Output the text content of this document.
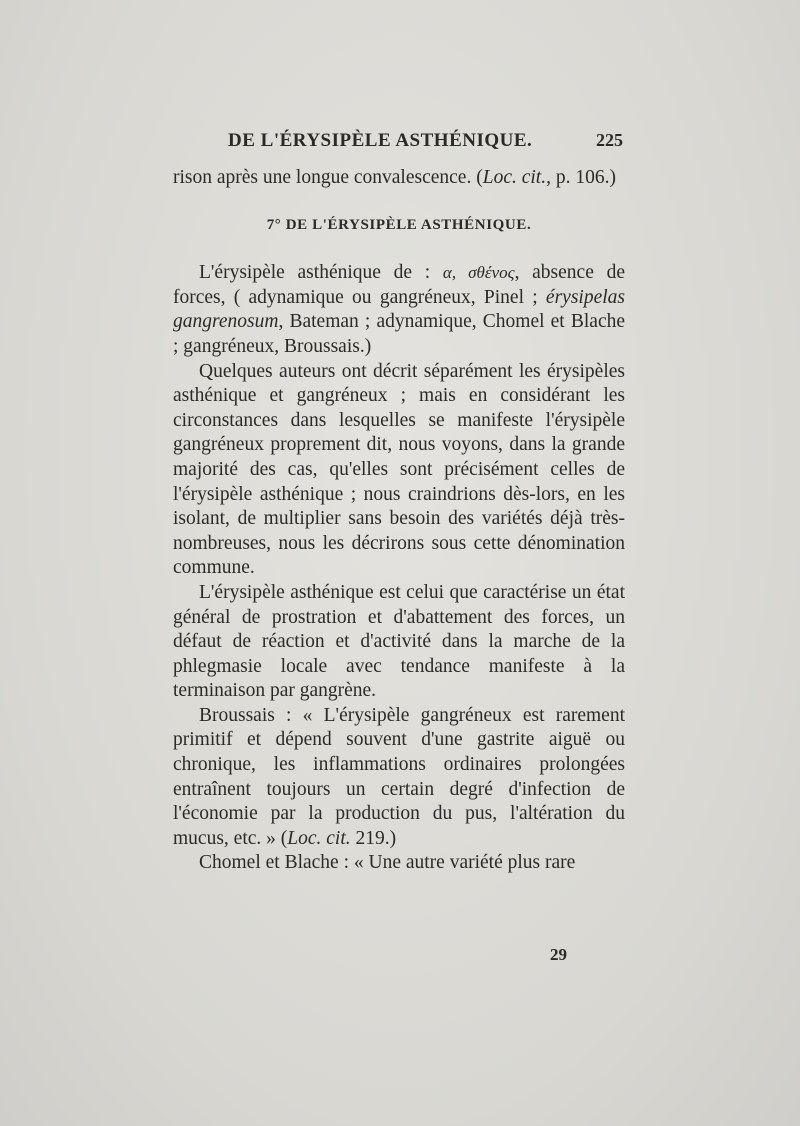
DE L'ÉRYSIPÈLE ASTHÉNIQUE.	225

rison après une longue convalescence. (Loc. cit., p. 106.)

7° DE L'ÉRYSIPÈLE ASTHÉNIQUE.

L'érysipèle asthénique de : α, σθένος, absence de forces, ( adynamique ou gangréneux, Pinel ; érysipelas gangrenosum, Bateman ; adynamique, Chomel et Blache ; gangréneux, Broussais.)

Quelques auteurs ont décrit séparément les érysipèles asthénique et gangréneux ; mais en considérant les circonstances dans lesquelles se manifeste l'érysipèle gangréneux proprement dit, nous voyons, dans la grande majorité des cas, qu'elles sont précisément celles de l'érysipèle asthénique ; nous craindrions dès-lors, en les isolant, de multiplier sans besoin des variétés déjà très-nombreuses, nous les décrirons sous cette dénomination commune.

L'érysipèle asthénique est celui que caractérise un état général de prostration et d'abattement des forces, un défaut de réaction et d'activité dans la marche de la phlegmasie locale avec tendance manifeste à la terminaison par gangrène.

Broussais : « L'érysipèle gangréneux est rarement primitif et dépend souvent d'une gastrite aiguë ou chronique, les inflammations ordinaires prolongées entraînent toujours un certain degré d'infection de l'économie par la production du pus, l'altération du mucus, etc. » (Loc. cit. 219.)

Chomel et Blache : « Une autre variété plus rare

29
